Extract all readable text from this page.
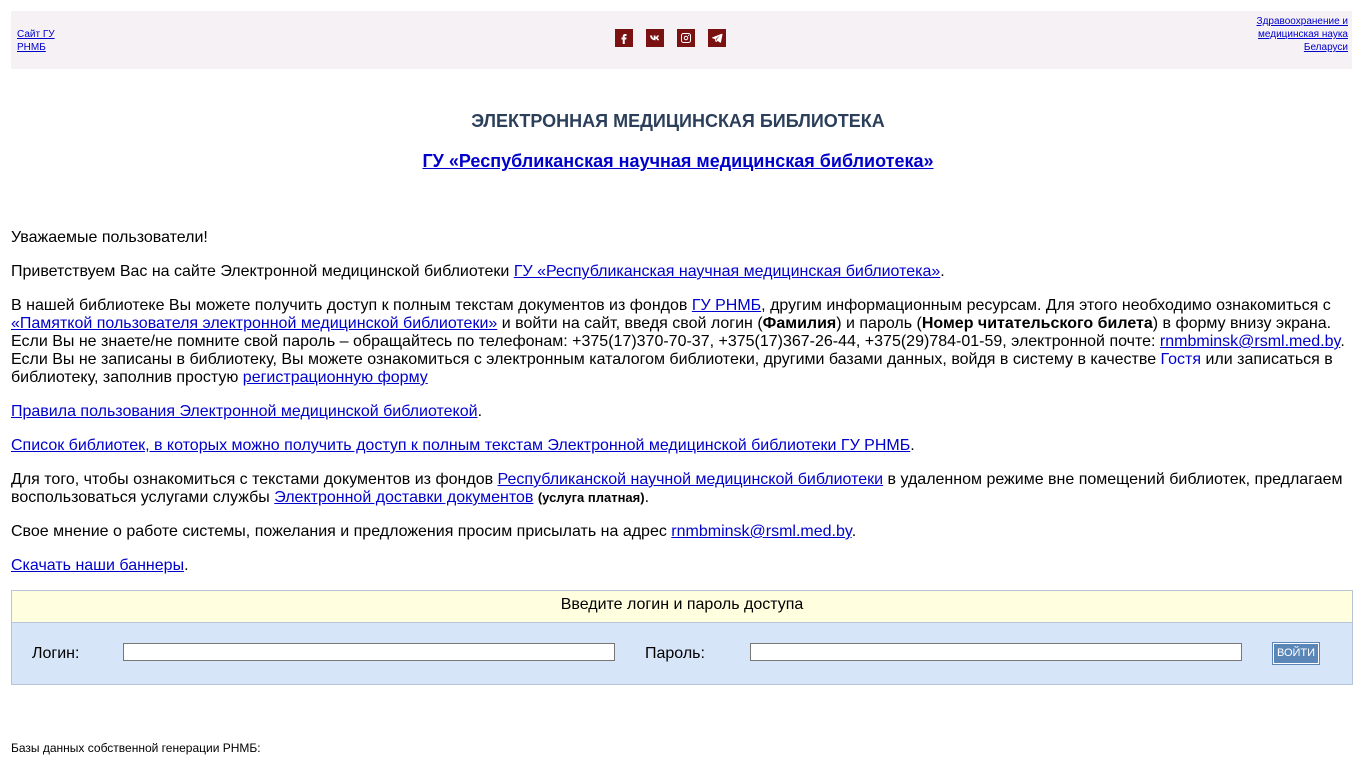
Сайт ГУ РНМБ
Здравоохранение и медицинская наука Беларуси
ЭЛЕКТРОННАЯ МЕДИЦИНСКАЯ БИБЛИОТЕКА
ГУ «Республиканская научная медицинская библиотека»

Уважаемые пользователи!

Приветствуем Вас на сайте Электронной медицинской библиотеки ГУ «Республиканская научная медицинская библиотека».

В нашей библиотеке Вы можете получить доступ к полным текстам документов из фондов ГУ РНМБ, другим информационным ресурсам. Для этого необходимо ознакомиться с
«Памяткой пользователя электронной медицинской библиотеки» и войти на сайт, введя свой логин (Фамилия) и пароль (Номер читательского билета) в форму внизу экрана.
Если Вы не знаете/не помните свой пароль – обращайтесь по телефонам: +375(17)370-70-37, +375(17)367-26-44, +375(29)784-01-59, электронной почте: rnmbminsk@rsml.med.by.
Если Вы не записаны в библиотеку, Вы можете ознакомиться с электронным каталогом библиотеки, другими базами данных, войдя в систему в качестве Гостя или записаться в библиотеку, заполнив простую регистрационную форму

Правила пользования Электронной медицинской библиотекой.

Список библиотек, в которых можно получить доступ к полным текстам Электронной медицинской библиотеки ГУ РНМБ.

Для того, чтобы ознакомиться с текстами документов из фондов Республиканской научной медицинской библиотеки в удаленном режиме вне помещений библиотек, предлагаем воспользоваться услугами службы Электронной доставки документов (услуга платная).

Свое мнение о работе системы, пожелания и предложения просим присылать на адрес rnmbminsk@rsml.med.by.

Скачать наши баннеры.

Введите логин и пароль доступа
Логин:	Пароль:	ВОЙТИ
Базы данных собственной генерации РНМБ:
